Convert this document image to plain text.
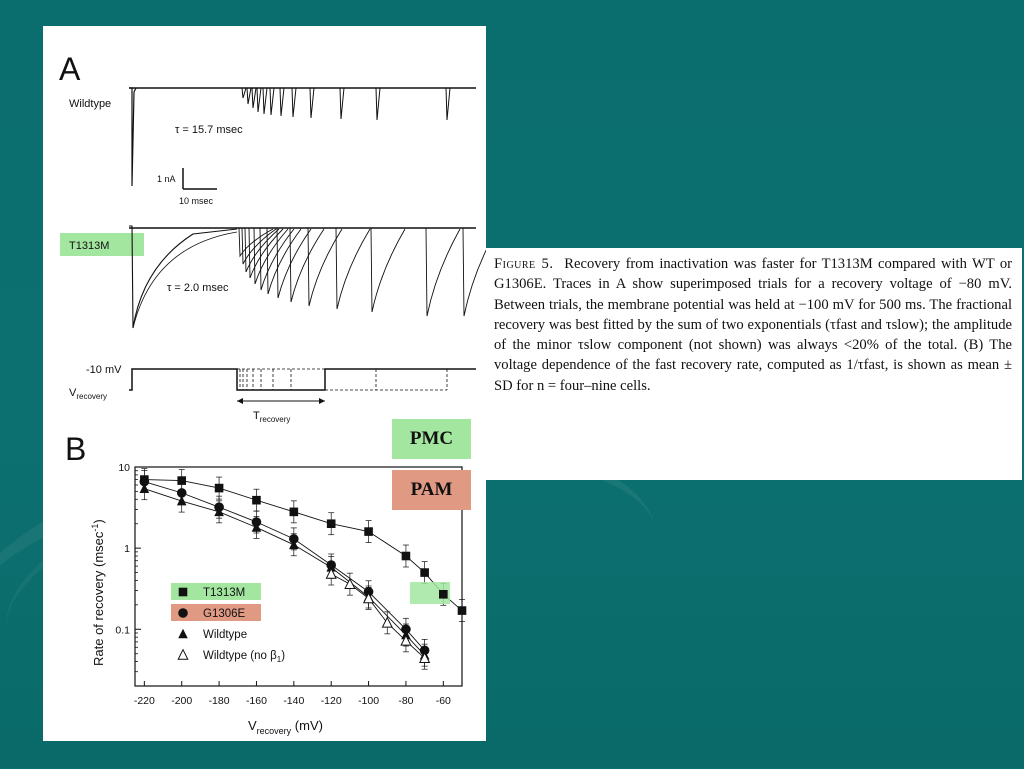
A
Wildtype
τ = 15.7 msec
1 nA
10 msec
T1313M
τ = 2.0 msec
-10 mV
$V_{recovery}$
$T_{recovery}$
B
-220 -200 -180 -160 -140 -120 -100 -80 -60
10
1
0.1
Rate of recovery (msec$^{-1}$)
$V_{recovery}$ (mV)
T1313M
G1306E
Wildtype
Wildtype (no $\beta_1$)
PMC
PAM
Figure 5. Recovery from inactivation was faster for T1313M compared with WT or G1306E. Traces in A show superimposed trials for a recovery voltage of −80 mV. Between trials, the membrane potential was held at −100 mV for 500 ms. The fractional recovery was best fitted by the sum of two exponentials (τfast and τslow); the amplitude of the minor τslow component (not shown) was always <20% of the total. (B) The voltage dependence of the fast recovery rate, computed as 1/τfast, is shown as mean ± SD for n = four–nine cells.
